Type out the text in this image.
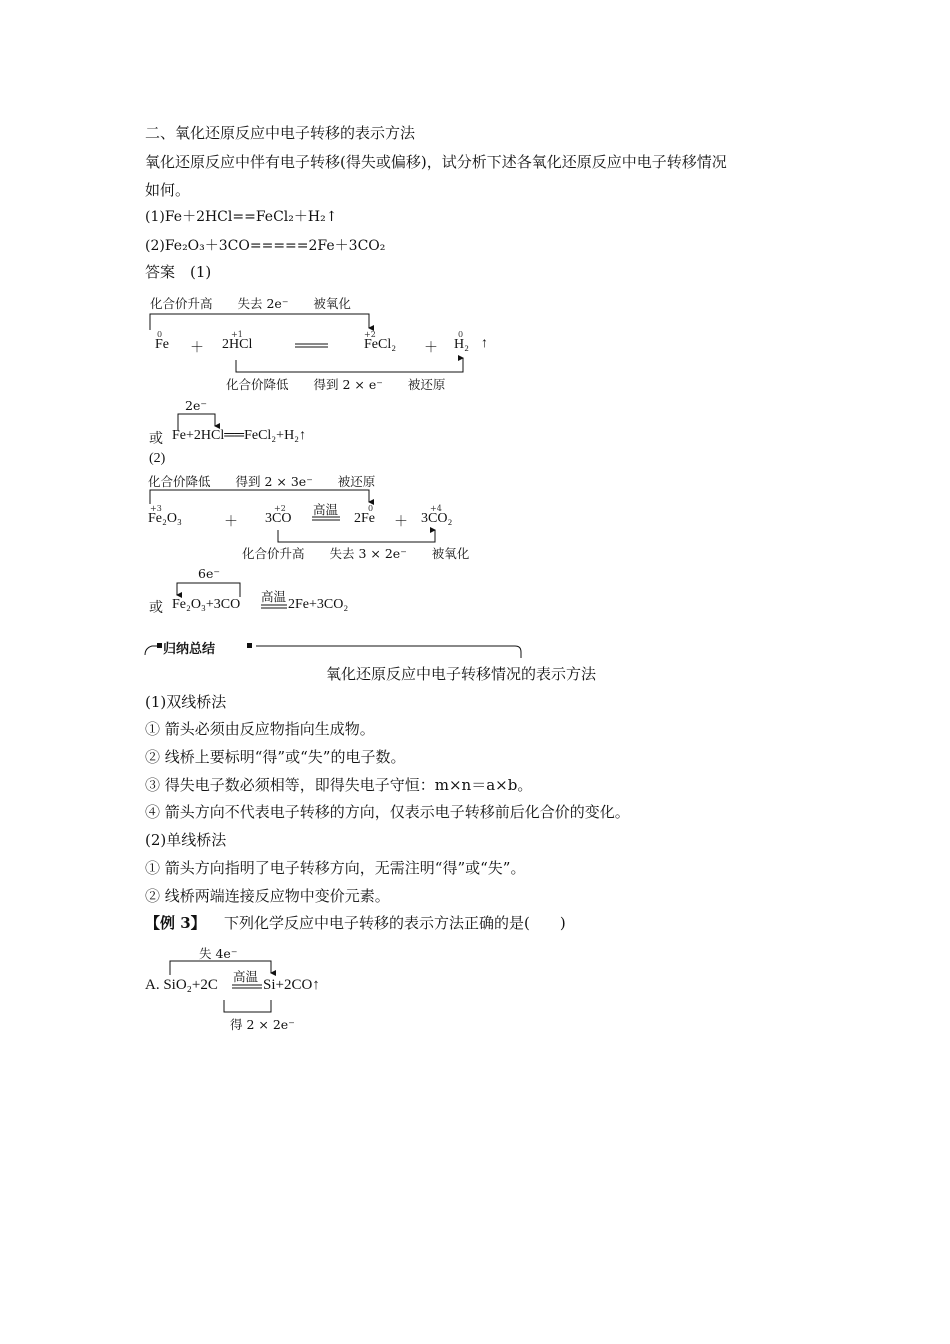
二、氧化还原反应中电子转移的表示方法
氧化还原反应中伴有电子转移(得失或偏移)，试分析下述各氧化还原反应中电子转移情况
如何。
(1)Fe＋2HCl==FeCl₂＋H₂↑
(2)Fe₂O₃＋3CO=====2Fe＋3CO₂
答案　(1)
化合价升高　　失去 2e⁻　　被氧化
0	+1	+2	0
Fe ＋ 2HCl	FeCl₂ ＋ H₂ ↑
化合价降低　　得到 2 × e⁻　　被还原
2e⁻
或 Fe+2HCl══FeCl₂+H₂↑
(2)
化合价降低　　得到 2 × 3e⁻　　被还原
+3	+2	0	+4
Fe₂O₃	＋ 3CO
高温
2Fe ＋ 3CO₂
化合价升高　　失去 3 × 2e⁻　　被氧化
6e⁻
高温
或 Fe₂O₃+3CO	2Fe+3CO₂
归纳总结
氧化还原反应中电子转移情况的表示方法
(1)双线桥法
① 箭头必须由反应物指向生成物。
② 线桥上要标明“得”或“失”的电子数。
③ 得失电子数必须相等，即得失电子守恒：m×n＝a×b。
④ 箭头方向不代表电子转移的方向，仅表示电子转移前后化合价的变化。
(2)单线桥法
① 箭头方向指明了电子转移方向，无需注明“得”或“失”。
② 线桥两端连接反应物中变价元素。
【例 3】 下列化学反应中电子转移的表示方法正确的是(　　)
失 4e⁻
高温
A. SiO₂+2C	Si+2CO↑
得 2 × 2e⁻
